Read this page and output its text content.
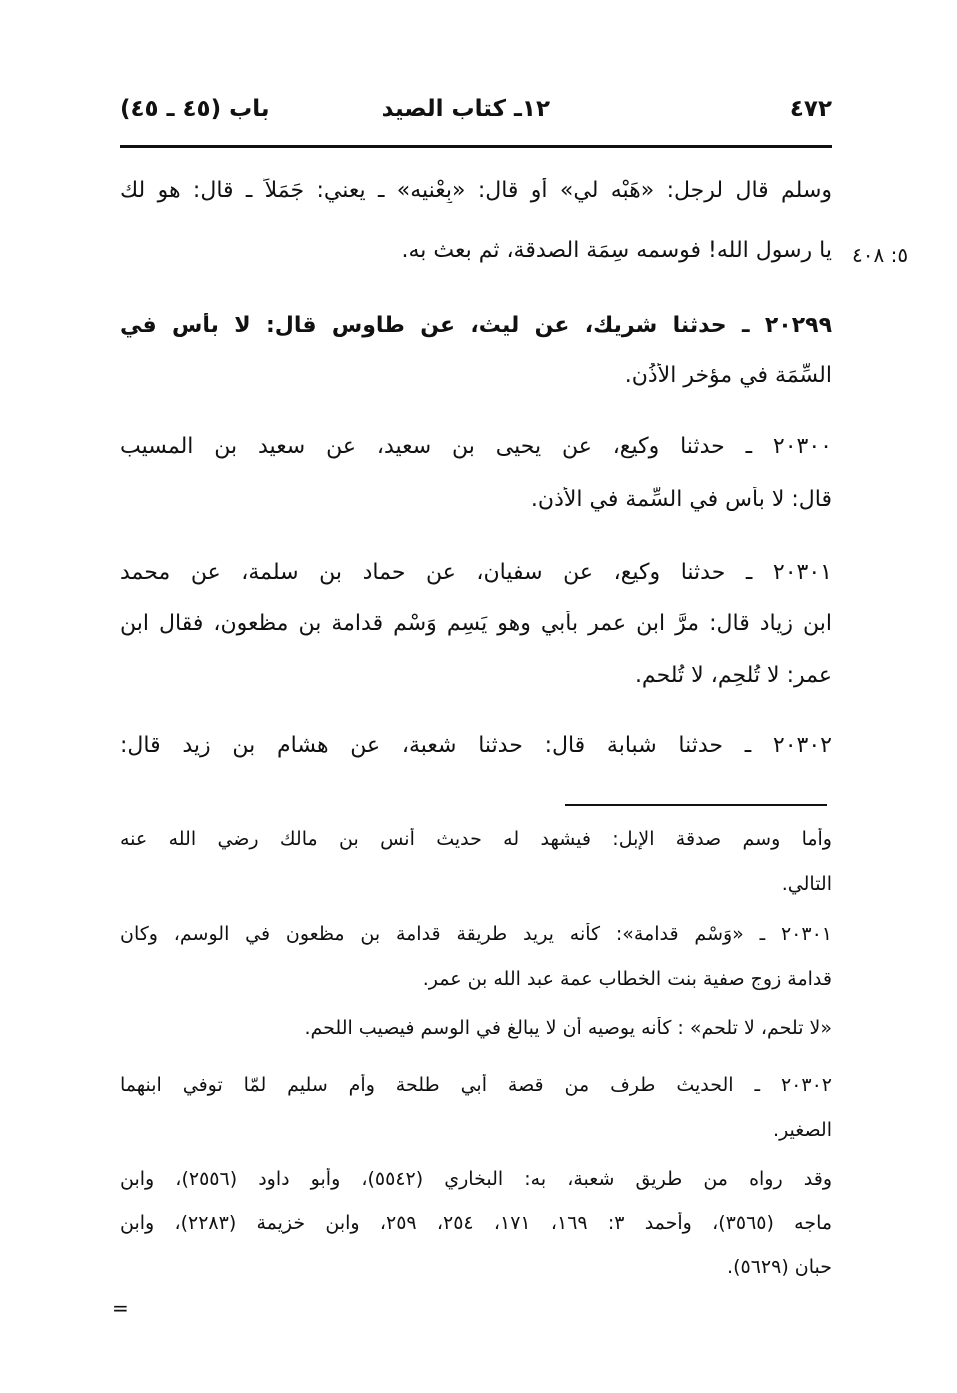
٤٧٢
١٢ـ كتاب الصيد
باب (٤٥ ـ ٤٥)
٥: ٤٠٨
وسلم قال لرجل: «هَبْه لي» أو قال: «بِعْنيه» ـ يعني: جَمَلاً ـ قال: هو لك
يا رسول الله! فوسمه سِمَة الصدقة، ثم بعث به.
٢٠٢٩٩ ـ حدثنا شريك، عن ليث، عن طاوس قال: لا بأس في
السِّمَة في مؤخر الأُذُن.
٢٠٣٠٠ ـ حدثنا وكيع، عن يحيى بن سعيد، عن سعيد بن المسيب
قال: لا بأس في السِّمة في الأذن.
٢٠٣٠١ ـ حدثنا وكيع، عن سفيان، عن حماد بن سلمة، عن محمد
ابن زياد قال: مرَّ ابن عمر بأبي وهو يَسِم وَسْم قدامة بن مظعون، فقال ابن
عمر: لا تُلحِم، لا تُلحم.
٢٠٣٠٢ ـ حدثنا شبابة قال: حدثنا شعبة، عن هشام بن زيد قال:
وأما وسم صدقة الإبل: فيشهد له حديث أنس بن مالك رضي الله عنه
التالي.
٢٠٣٠١ ـ «وَسْم قدامة»: كأنه يريد طريقة قدامة بن مظعون في الوسم، وكان
قدامة زوج صفية بنت الخطاب عمة عبد الله بن عمر.
«لا تلحم، لا تلحم» : كأنه يوصيه أن لا يبالغ في الوسم فيصيب اللحم.
٢٠٣٠٢ ـ الحديث طرف من قصة أبي طلحة وأم سليم لمّا توفي ابنهما
الصغير.
وقد رواه من طريق شعبة، به: البخاري (٥٥٤٢)، وأبو داود (٢٥٥٦)، وابن
ماجه (٣٥٦٥)، وأحمد ٣: ١٦٩، ١٧١، ٢٥٤، ٢٥٩، وابن خزيمة (٢٢٨٣)، وابن
حبان (٥٦٢٩).
=
